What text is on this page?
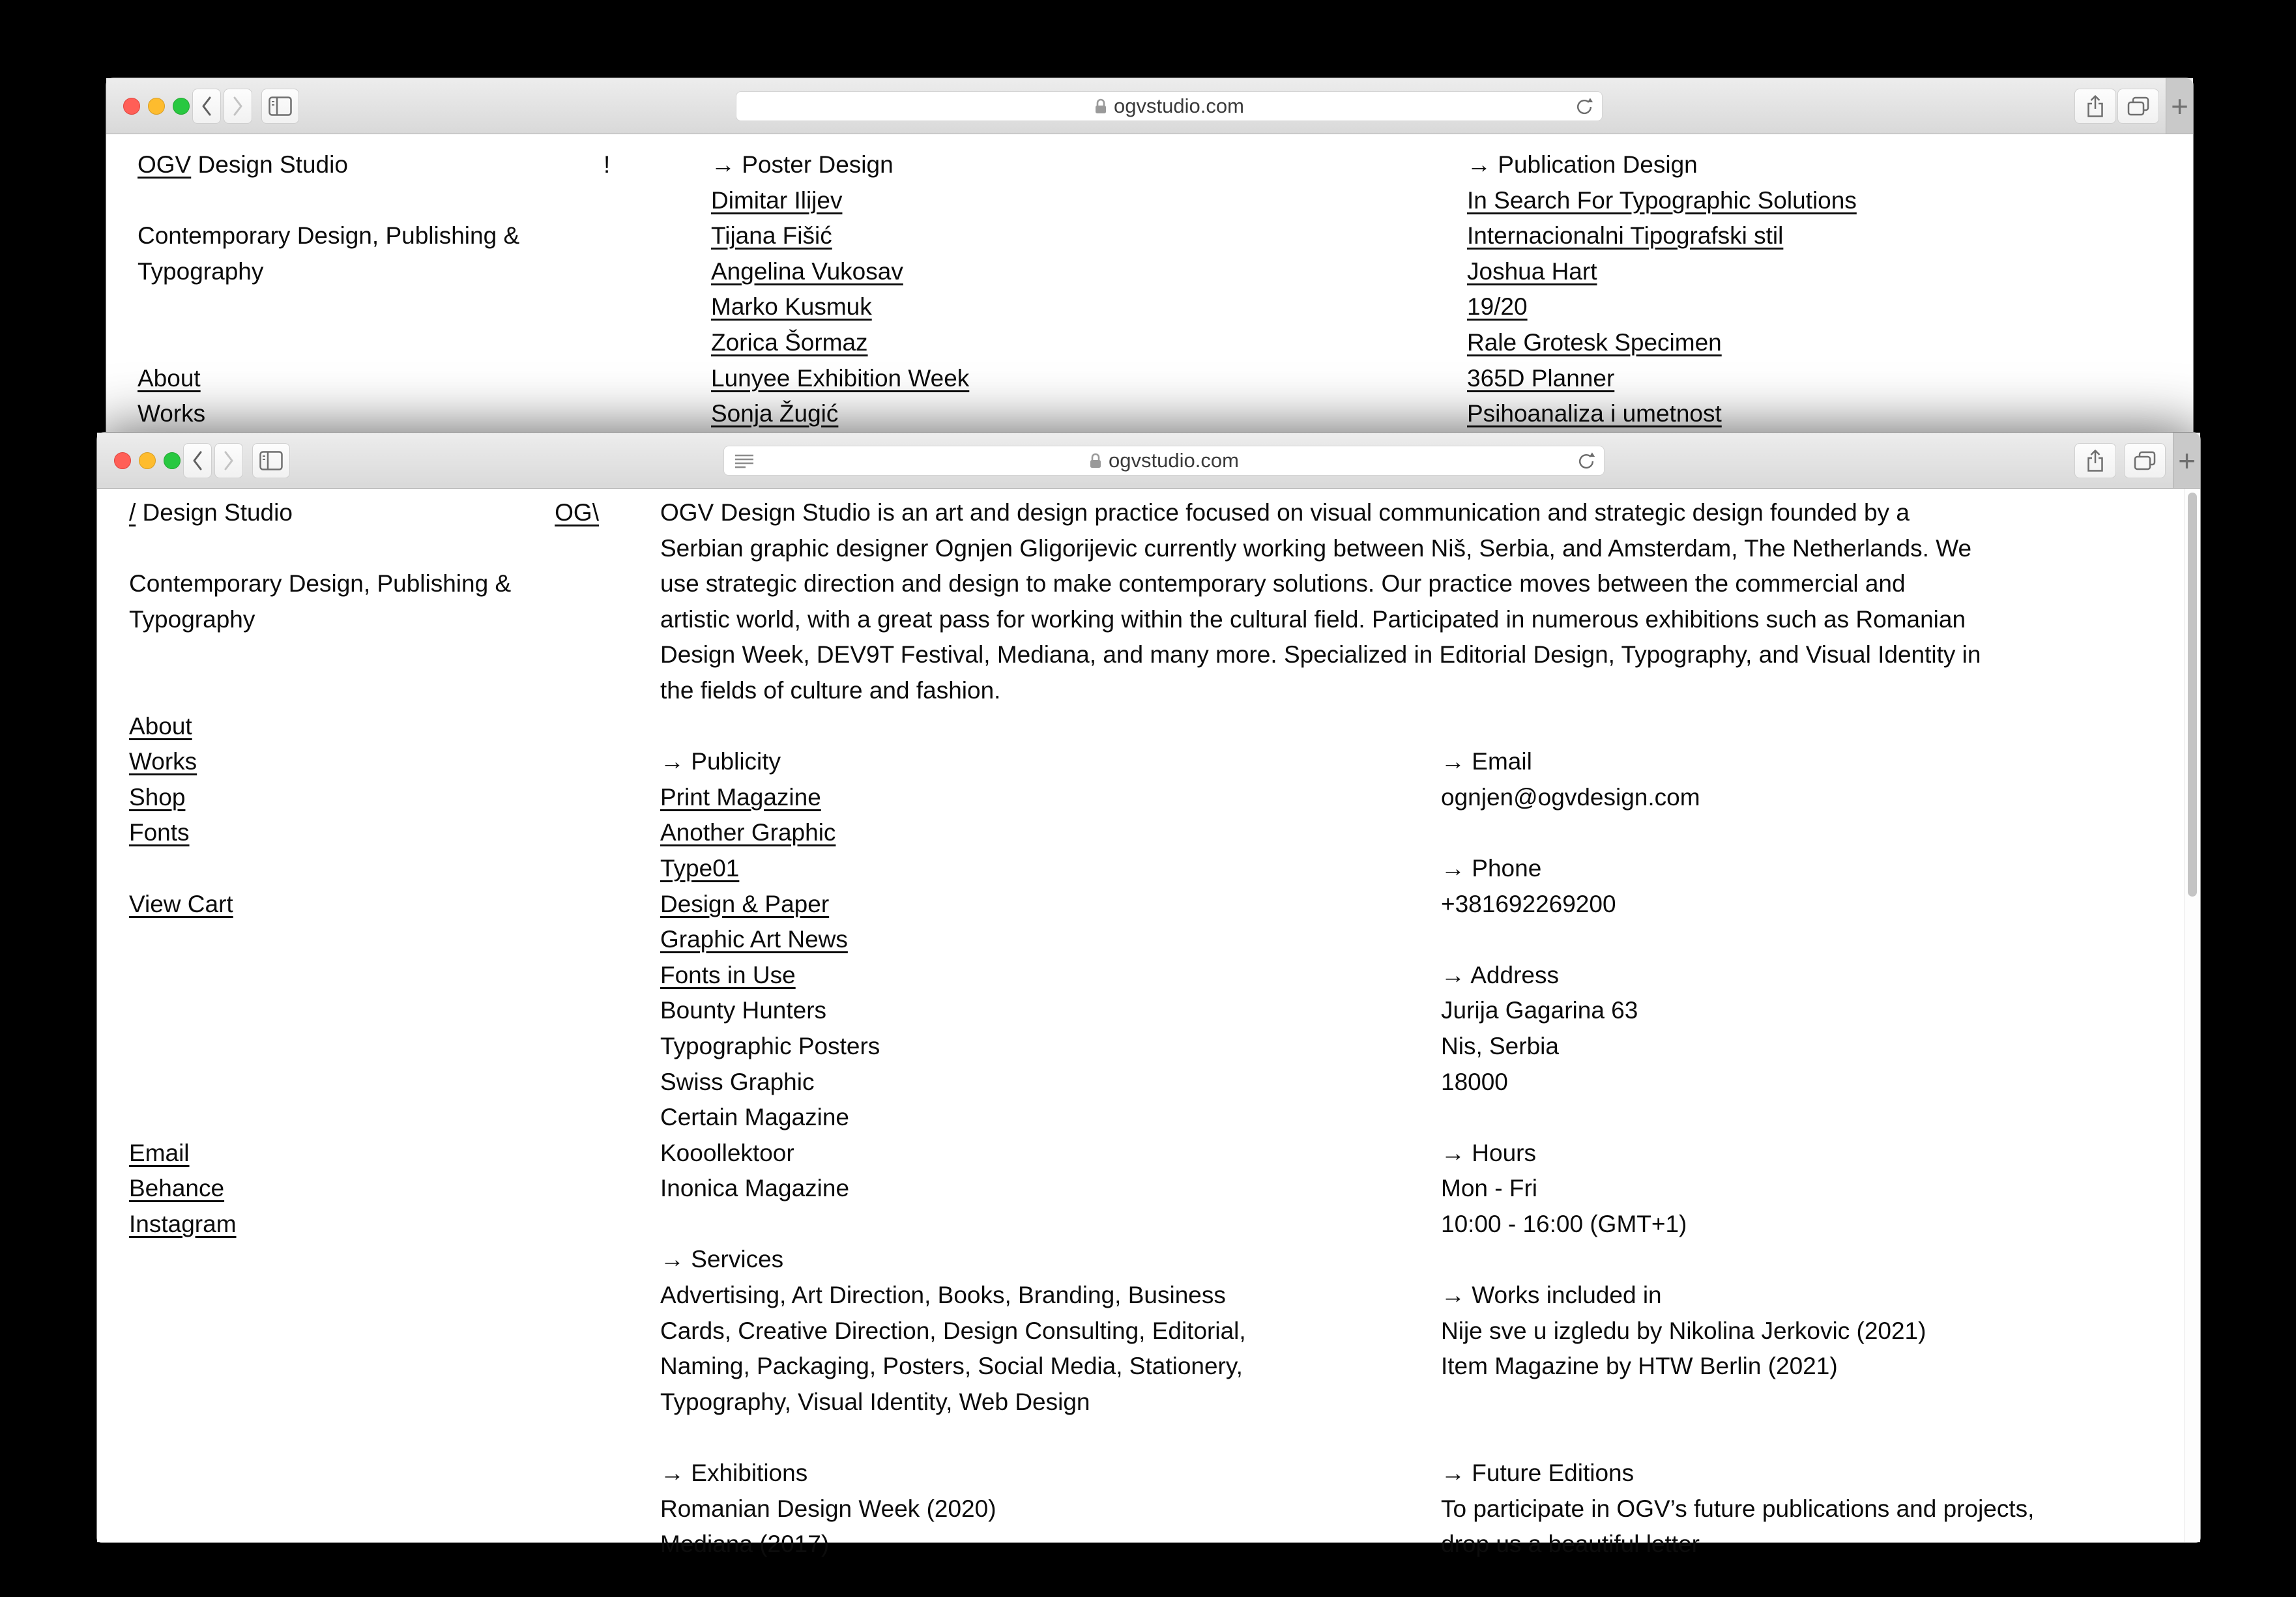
ogvstudio.com	+
OGV Design Studio	!
Contemporary Design, Publishing &
Typography
About
Works
→ Poster Design
Dimitar Ilijev
Tijana Fišić
Angelina Vukosav
Marko Kusmuk
Zorica Šormaz
Lunyee Exhibition Week
Sonja Žugić
→ Publication Design
In Search For Typographic Solutions
Internacionalni Tipografski stil
Joshua Hart
19/20
Rale Grotesk Specimen
365D Planner
Psihoanaliza i umetnost
ogvstudio.com	+
/ Design Studio	OG\
Contemporary Design, Publishing &
Typography
About
Works
Shop
Fonts
View Cart
Email
Behance
Instagram
OGV Design Studio is an art and design practice focused on visual communication and strategic design founded by a
Serbian graphic designer Ognjen Gligorijevic currently working between Niš, Serbia, and Amsterdam, The Netherlands. We
use strategic direction and design to make contemporary solutions. Our practice moves between the commercial and
artistic world, with a great pass for working within the cultural field. Participated in numerous exhibitions such as Romanian
Design Week, DEV9T Festival, Mediana, and many more. Specialized in Editorial Design, Typography, and Visual Identity in
the fields of culture and fashion.
→ Publicity
Print Magazine
Another Graphic
Type01
Design & Paper
Graphic Art News
Fonts in Use
Bounty Hunters
Typographic Posters
Swiss Graphic
Certain Magazine
Kooollektoor
Inonica Magazine
→ Services
Advertising, Art Direction, Books, Branding, Business
Cards, Creative Direction, Design Consulting, Editorial,
Naming, Packaging, Posters, Social Media, Stationery,
Typography, Visual Identity, Web Design
→ Exhibitions
Romanian Design Week (2020)
Mediana (2017)
→ Email
ognjen@ogvdesign.com
→ Phone
+381692269200
→ Address
Jurija Gagarina 63
Nis, Serbia
18000
→ Hours
Mon - Fri
10:00 - 16:00 (GMT+1)
→ Works included in
Nije sve u izgledu by Nikolina Jerkovic (2021)
Item Magazine by HTW Berlin (2021)
→ Future Editions
To participate in OGV’s future publications and projects,
drop us a beautiful letter
